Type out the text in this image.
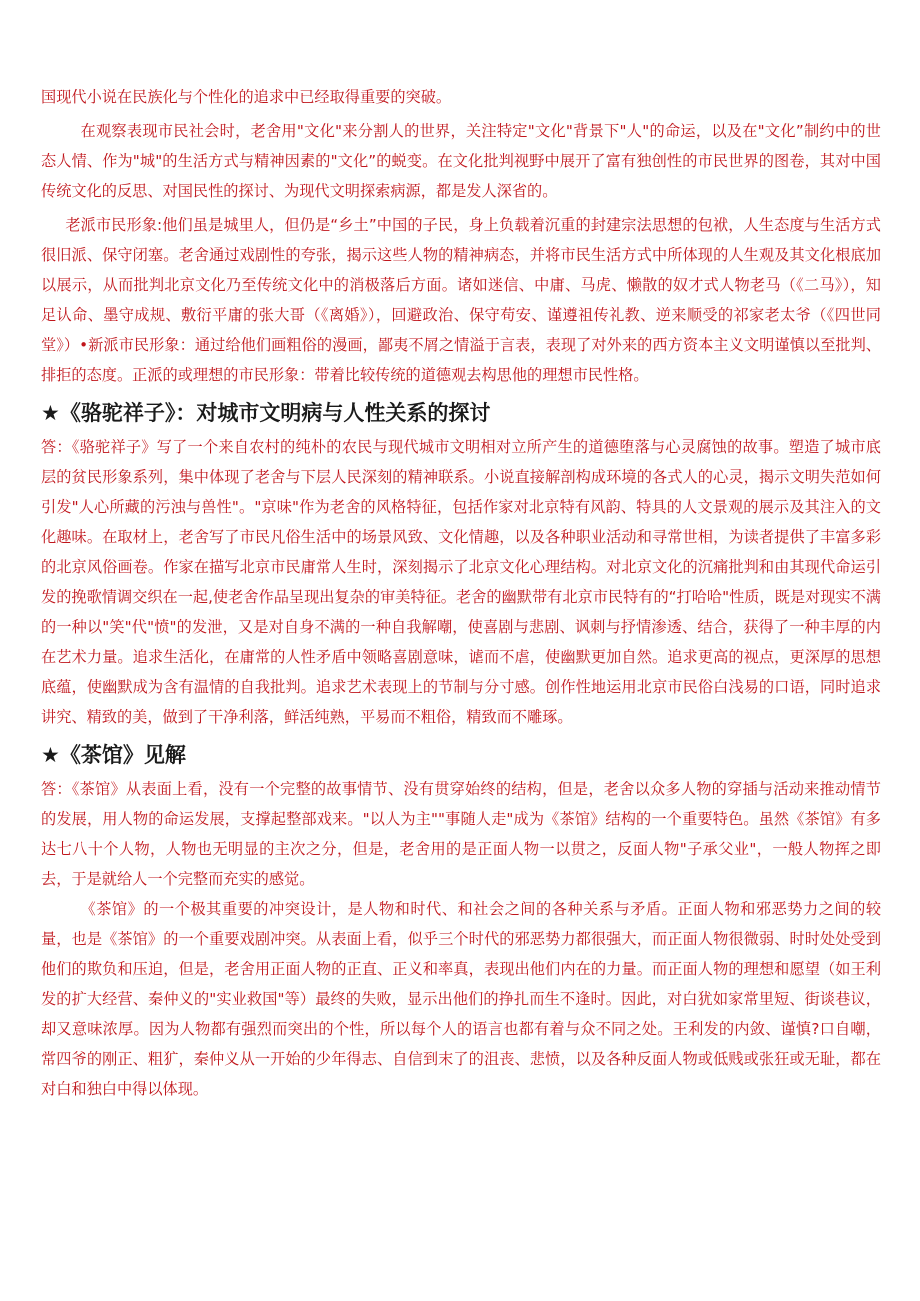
国现代小说在民族化与个性化的追求中已经取得重要的突破。

在观察表现市民社会时，老舍用"文化"来分割人的世界，关注特定"文化"背景下"人"的命运，以及在"文化”制约中的世态人情、作为"城"的生活方式与精神因素的"文化”的蜕变。在文化批判视野中展开了富有独创性的市民世界的图卷，其对中国传统文化的反思、对国民性的探讨、为现代文明探索病源，都是发人深省的。

老派市民形象:他们虽是城里人，但仍是“乡土”中国的子民，身上负载着沉重的封建宗法思想的包袱，人生态度与生活方式很旧派、保守闭塞。老舍通过戏剧性的夸张，揭示这些人物的精神病态，并将市民生活方式中所体现的人生观及其文化根底加以展示，从而批判北京文化乃至传统文化中的消极落后方面。诸如迷信、中庸、马虎、懒散的奴才式人物老马（《二马》），知足认命、墨守成规、敷衍平庸的张大哥（《离婚》），回避政治、保守苟安、谨遵祖传礼教、逆来顺受的祁家老太爷（《四世同堂》）•新派市民形象：通过给他们画粗俗的漫画，鄙夷不屑之情溢于言表，表现了对外来的西方资本主义文明谨慎以至批判、排拒的态度。正派的或理想的市民形象：带着比较传统的道德观去构思他的理想市民性格。

★《骆驼祥子》：对城市文明病与人性关系的探讨

答：《骆驼祥子》写了一个来自农村的纯朴的农民与现代城市文明相对立所产生的道德堕落与心灵腐蚀的故事。塑造了城市底层的贫民形象系列，集中体现了老舍与下层人民深刻的精神联系。小说直接解剖构成环境的各式人的心灵，揭示文明失范如何引发"人心所藏的污浊与兽性"。"京味"作为老舍的风格特征，包括作家对北京特有风韵、特具的人文景观的展示及其注入的文化趣味。在取材上，老舍写了市民凡俗生活中的场景风致、文化情趣，以及各种职业活动和寻常世相，为读者提供了丰富多彩的北京风俗画卷。作家在描写北京市民庸常人生时，深刻揭示了北京文化心理结构。对北京文化的沉痛批判和由其现代命运引发的挽歌情调交织在一起,使老舍作品呈现出复杂的审美特征。老舍的幽默带有北京市民特有的“打哈哈"性质，既是对现实不满的一种以"笑"代"愤"的发泄，又是对自身不满的一种自我解嘲，使喜剧与悲剧、讽刺与抒情渗透、结合，获得了一种丰厚的内在艺术力量。追求生活化，在庸常的人性矛盾中领略喜剧意味，谑而不虐，使幽默更加自然。追求更高的视点，更深厚的思想底蕴，使幽默成为含有温情的自我批判。追求艺术表现上的节制与分寸感。创作性地运用北京市民俗白浅易的口语，同时追求讲究、精致的美，做到了干净利落，鲜活纯熟，平易而不粗俗，精致而不雕琢。

★《茶馆》见解

答：《茶馆》从表面上看，没有一个完整的故事情节、没有贯穿始终的结构，但是，老舍以众多人物的穿插与活动来推动情节的发展，用人物的命运发展，支撑起整部戏来。"以人为主""事随人走"成为《茶馆》结构的一个重要特色。虽然《茶馆》有多达七八十个人物，人物也无明显的主次之分，但是，老舍用的是正面人物一以贯之，反面人物"子承父业"，一般人物挥之即去，于是就给人一个完整而充实的感觉。

《茶馆》的一个极其重要的冲突设计，是人物和时代、和社会之间的各种关系与矛盾。正面人物和邪恶势力之间的较量，也是《茶馆》的一个重要戏剧冲突。从表面上看，似乎三个时代的邪恶势力都很强大，而正面人物很微弱、时时处处受到他们的欺负和压迫，但是，老舍用正面人物的正直、正义和率真，表现出他们内在的力量。而正面人物的理想和愿望（如王利发的扩大经营、秦仲义的"实业救国"等）最终的失败，显示出他们的挣扎而生不逢时。因此，对白犹如家常里短、街谈巷议，却又意味浓厚。因为人物都有强烈而突出的个性，所以每个人的语言也都有着与众不同之处。王利发的内敛、谨慎?口自嘲，常四爷的刚正、粗犷，秦仲义从一开始的少年得志、自信到末了的沮丧、悲愤，以及各种反面人物或低贱或张狂或无耻，都在对白和独白中得以体现。
